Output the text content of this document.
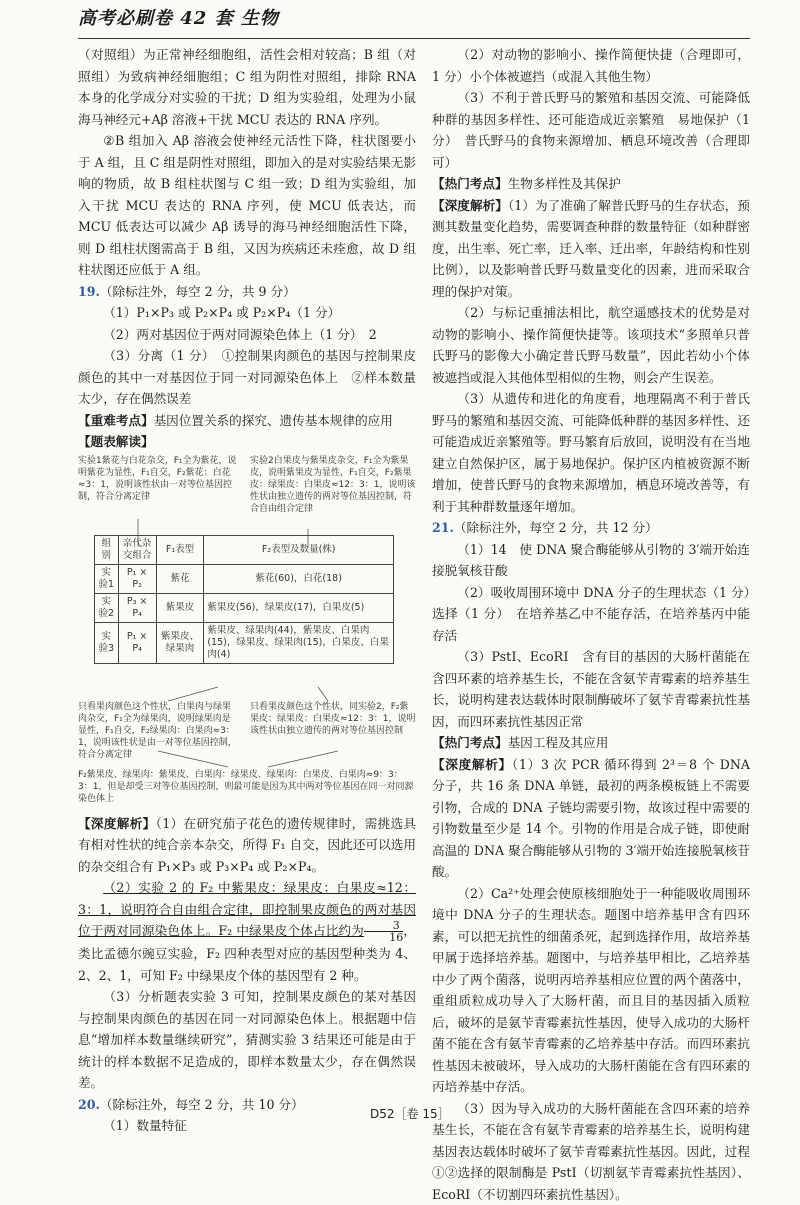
高考必刷卷 42 套 生物

（对照组）为正常神经细胞组，活性会相对较高；B 组（对照组）为致病神经细胞组；C 组为阴性对照组，排除 RNA 本身的化学成分对实验的干扰；D 组为实验组，处理为小鼠海马神经元+Aβ 溶液+干扰 MCU 表达的 RNA 序列。

②B 组加入 Aβ 溶液会使神经元活性下降，柱状图要小于 A 组，且 C 组是阴性对照组，即加入的是对实验结果无影响的物质，故 B 组柱状图与 C 组一致；D 组为实验组，加入干扰 MCU 表达的 RNA 序列，使 MCU 低表达，而 MCU 低表达可以减少 Aβ 诱导的海马神经细胞活性下降，则 D 组柱状图需高于 B 组，又因为疾病还未痊愈，故 D 组柱状图还应低于 A 组。

19.（除标注外，每空 2 分，共 9 分）

（1）P₁×P₃ 或 P₂×P₄ 或 P₂×P₄（1 分）

（2）两对基因位于两对同源染色体上（1 分）　2

（3）分离（1 分）　①控制果肉颜色的基因与控制果皮颜色的其中一对基因位于同一对同源染色体上　②样本数量太少，存在偶然误差

【重难考点】基因位置关系的探究、遗传基本规律的应用

【题表解读】

实验1紫花与白花杂交，F₁全为紫花，说明紫花为显性，F₁自交，F₂紫花：白花≈3：1，说明该性状由一对等位基因控制，符合分离定律
实验2白果皮与紫果皮杂交，F₁全为紫果皮，说明紫果皮为显性，F₁自交，F₂紫果皮：绿果皮：白果皮≈12：3：1，说明该性状由独立遗传的两对等位基因控制，符合自由组合定律
组别	亲代杂交组合	F₁表型	F₂表型及数量(株)
实验1	P₁ × P₂	紫花	紫花(60)，白花(18)
实验2	P₃ × P₄	紫果皮	紫果皮(56)，绿果皮(17)，白果皮(5)
实验3	P₁ × P₄	紫果皮、绿果肉	紫果皮、绿果肉(44)，紫果皮、白果肉(15)，绿果皮、绿果肉(15)，白果皮、白果肉(4)
只看果肉颜色这个性状，白果肉与绿果肉杂交，F₁全为绿果肉，说明绿果肉是显性，F₁自交，F₂绿果肉：白果肉≈3：1，说明该性状是由一对等位基因控制，符合分离定律
只看果皮颜色这个性状，同实验2，F₂紫果皮：绿果皮：白果皮≈12：3：1，说明该性状由独立遗传的两对等位基因控制
F₂紫果皮、绿果肉：紫果皮、白果肉：绿果皮、绿果肉：白果皮、白果肉≈9：3：3：1，但是却受三对等位基因控制，则最可能是因为其中两对等位基因在同一对同源染色体上

【深度解析】（1）在研究茄子花色的遗传规律时，需挑选具有相对性状的纯合亲本杂交，所得 F₁ 自交，因此还可以选用的杂交组合有 P₁×P₃ 或 P₃×P₄ 或 P₂×P₄。

（2）实验 2 的 F₂ 中紫果皮：绿果皮：白果皮≈12：3：1，说明符合自由组合定律，即控制果皮颜色的两对基因位于两对同源染色体上。F₂ 中绿果皮个体占比约为 $\frac{3}{16}$ ，类比孟德尔豌豆实验，F₂ 四种表型对应的基因型种类为 4、2、2、1，可知 F₂ 中绿果皮个体的基因型有 2 种。

（3）分析题表实验 3 可知，控制果皮颜色的某对基因与控制果肉颜色的基因在同一对同源染色体上。根据题中信息“增加样本数量继续研究”，猜测实验 3 结果还可能是由于统计的样本数据不足造成的，即样本数量太少，存在偶然误差。

20.（除标注外，每空 2 分，共 10 分）

（1）数量特征

（2）对动物的影响小、操作简便快捷（合理即可，1 分）小个体被遮挡（或混入其他生物）

（3）不利于普氏野马的繁殖和基因交流、可能降低种群的基因多样性、还可能造成近亲繁殖　易地保护（1 分）　普氏野马的食物来源增加、栖息环境改善（合理即可）

【热门考点】生物多样性及其保护

【深度解析】（1）为了准确了解普氏野马的生存状态，预测其数量变化趋势，需要调查种群的数量特征（如种群密度，出生率、死亡率，迁入率、迁出率，年龄结构和性别比例），以及影响普氏野马数量变化的因素，进而采取合理的保护对策。

（2）与标记重捕法相比，航空遥感技术的优势是对动物的影响小、操作简便快捷等。该项技术“多照单只普氏野马的影像大小确定普氏野马数量”，因此若幼小个体被遮挡或混入其他体型相似的生物，则会产生误差。

（3）从遗传和进化的角度看，地理隔离不利于普氏野马的繁殖和基因交流、可能降低种群的基因多样性、还可能造成近亲繁殖等。野马繁育后放回，说明没有在当地建立自然保护区，属于易地保护。保护区内植被资源不断增加，使普氏野马的食物来源增加，栖息环境改善等，有利于其种群数量逐年增加。

21.（除标注外，每空 2 分，共 12 分）

（1）14　使 DNA 聚合酶能够从引物的 3′端开始连接脱氧核苷酸

（2）吸收周围环境中 DNA 分子的生理状态（1 分）　选择（1 分）　在培养基乙中不能存活，在培养基丙中能存活

（3）PstⅠ、EcoRⅠ　含有目的基因的大肠杆菌能在含四环素的培养基生长，不能在含氨苄青霉素的培养基生长，说明构建表达载体时限制酶破坏了氨苄青霉素抗性基因，而四环素抗性基因正常

【热门考点】基因工程及其应用

【深度解析】（1）3 次 PCR 循环得到 2³＝8 个 DNA 分子，共 16 条 DNA 单链，最初的两条模板链上不需要引物，合成的 DNA 子链均需要引物，故该过程中需要的引物数量至少是 14 个。引物的作用是合成子链，即使耐高温的 DNA 聚合酶能够从引物的 3′端开始连接脱氧核苷酸。

（2）Ca²⁺处理会使原核细胞处于一种能吸收周围环境中 DNA 分子的生理状态。题图中培养基甲含有四环素，可以把无抗性的细菌杀死，起到选择作用，故培养基甲属于选择培养基。题图中，与培养基甲相比，乙培养基中少了两个菌落，说明丙培养基相应位置的两个菌落中，重组质粒成功导入了大肠杆菌，而且目的基因插入质粒后，破坏的是氨苄青霉素抗性基因，使导入成功的大肠杆菌不能在含有氨苄青霉素的乙培养基中存活。而四环素抗性基因未被破坏，导入成功的大肠杆菌能在含有四环素的丙培养基中存活。

（3）因为导入成功的大肠杆菌能在含四环素的培养基生长，不能在含有氨苄青霉素的培养基生长，说明构建基因表达载体时破坏了氨苄青霉素抗性基因。因此，过程①②选择的限制酶是 PstⅠ（切割氨苄青霉素抗性基因）、EcoRⅠ（不切割四环素抗性基因）。

D52［卷 15］
